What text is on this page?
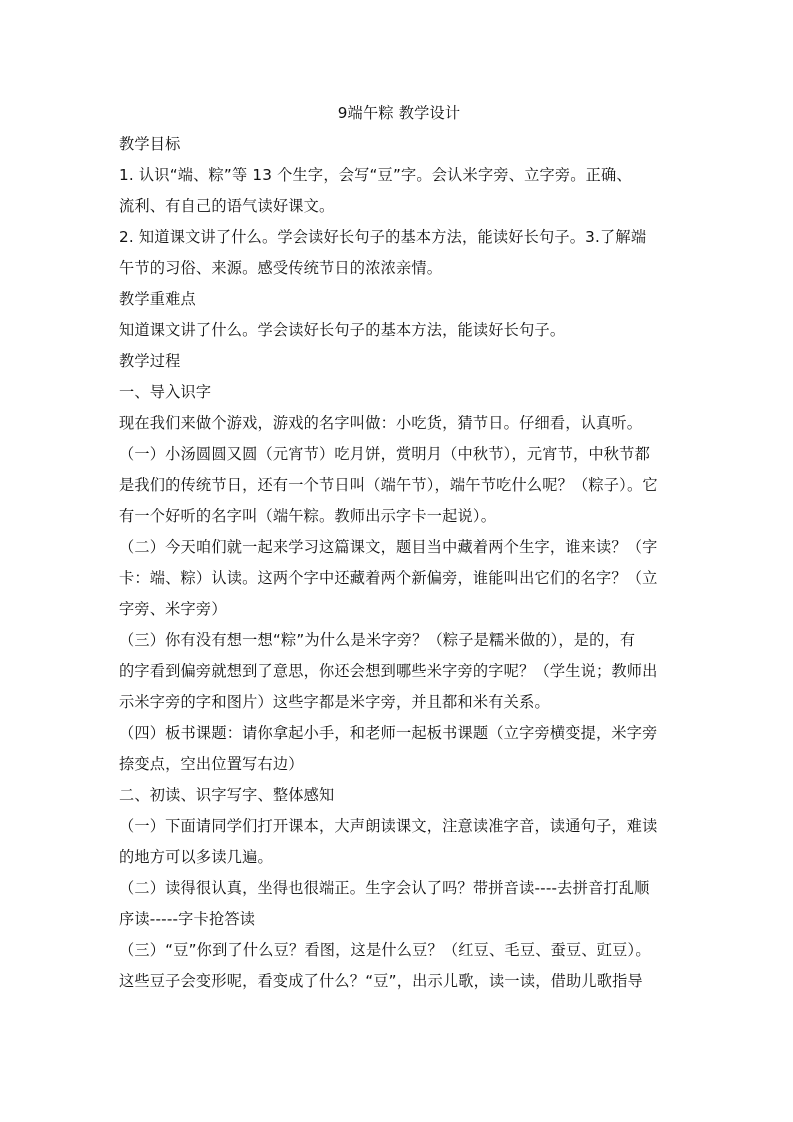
9端午粽 教学设计
教学目标
1. 认识“端、粽”等 13 个生字，会写“豆”字。会认米字旁、立字旁。正确、
流利、有自己的语气读好课文。
2. 知道课文讲了什么。学会读好长句子的基本方法，能读好长句子。3.了解端
午节的习俗、来源。感受传统节日的浓浓亲情。
教学重难点
知道课文讲了什么。学会读好长句子的基本方法，能读好长句子。
教学过程
一、导入识字
现在我们来做个游戏，游戏的名字叫做：小吃货，猜节日。仔细看，认真听。
（一）小汤圆圆又圆（元宵节）吃月饼，赏明月（中秋节），元宵节，中秋节都
是我们的传统节日，还有一个节日叫（端午节），端午节吃什么呢？（粽子）。它
有一个好听的名字叫（端午粽。教师出示字卡一起说）。
（二）今天咱们就一起来学习这篇课文，题目当中藏着两个生字，谁来读？（字
卡：端、粽）认读。这两个字中还藏着两个新偏旁，谁能叫出它们的名字？（立
字旁、米字旁）
（三）你有没有想一想“粽”为什么是米字旁？（粽子是糯米做的），是的，有
的字看到偏旁就想到了意思，你还会想到哪些米字旁的字呢？（学生说；教师出
示米字旁的字和图片）这些字都是米字旁，并且都和米有关系。
（四）板书课题：请你拿起小手，和老师一起板书课题（立字旁横变提，米字旁
捺变点，空出位置写右边）
二、初读、识字写字、整体感知
（一）下面请同学们打开课本，大声朗读课文，注意读准字音，读通句子，难读
的地方可以多读几遍。
（二）读得很认真，坐得也很端正。生字会认了吗？带拼音读----去拼音打乱顺
序读-----字卡抢答读
（三）“豆”你到了什么豆？看图，这是什么豆？（红豆、毛豆、蚕豆、豇豆）。
这些豆子会变形呢，看变成了什么？“豆”，出示儿歌，读一读，借助儿歌指导
